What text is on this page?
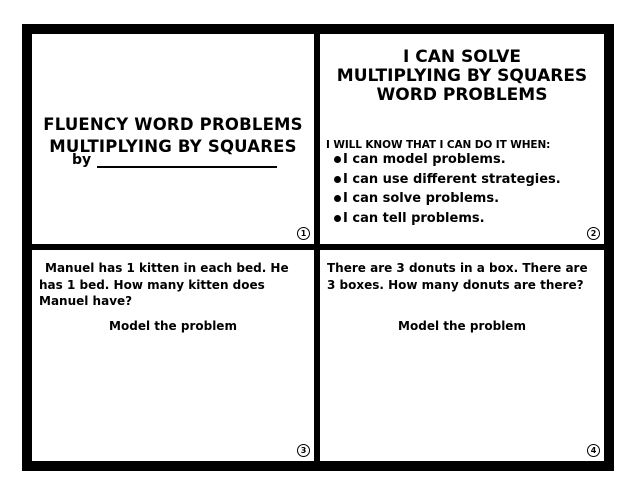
FLUENCY WORD PROBLEMS
MULTIPLYING BY SQUARES
by
1
I CAN SOLVE
MULTIPLYING BY SQUARES
WORD PROBLEMS
I WILL KNOW THAT I CAN DO IT WHEN:
I can model problems.
I can use different strategies.
I can solve problems.
I can tell problems.
2
Manuel has 1 kitten in each bed. He has 1 bed. How many kitten does Manuel have?
Model the problem
3
There are 3 donuts in a box. There are 3 boxes. How many donuts are there?
Model the problem
4
